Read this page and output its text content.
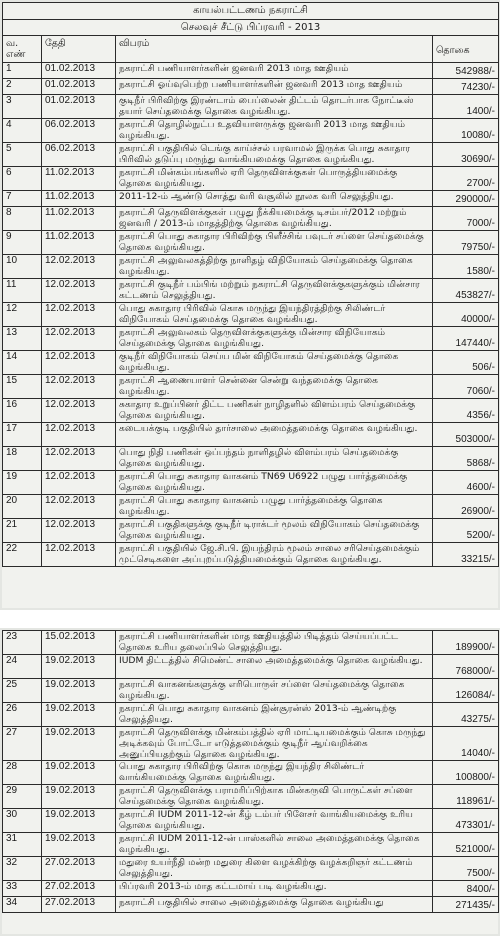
காயல்பட்டணம் நகராட்சி			
செலவுச் சீட்டு பிப்ரவரி - 2013			
வ. எண்	தேதி	விபரம்	தொகை
1	01.02.2013	நகராட்சி பணியாளர்களின் ஜனவரி 2013 மாத ஊதியம்	542988/-
2	01.02.2013	நகராட்சி ஓய்வுபெற்ற பணியாளர்களின் ஜனவரி 2013 மாத ஊதியம்	74230/-
3	01.02.2013	குடிநீர் பிரிவிற்கு இரண்டாம் பைப்லைன் திட்டம் தொடர்பாக நோட்டீஸ் தயார் செய்தமைக்கு தொகை வழங்கியது.	1400/-
4	06.02.2013	நகராட்சி தொழில்நுட்ப உதவியாளருக்கு ஜனவரி 2013 மாத ஊதியம் வழங்கியது.	10080/-
5	06.02.2013	நகராட்சி பகுதியில் டெங்கு காய்ச்சல் பரவாமல் இருக்க பொது சுகாதார பிரிவில் தடுப்பு மருந்து வாங்கியமைக்கு தொகை வழங்கியது.	30690/-
6	11.02.2013	நகராட்சி மின்கம்பங்களில் ஏரி தெருவிளக்குகள் பொருத்தியமைக்கு தொகை வழங்கியது.	2700/-
7	11.02.2013	2011-12-ம் ஆண்டு சொத்து வரி வசூலில் நூலக வரி செலுத்தியது.	290000/-
8	11.02.2013	நகராட்சி தெருவிளக்குகள் பழுது நீக்கியமைக்கு டிசம்பர்/2012 மற்றும் ஜனவரி / 2013-ம் மாதத்திற்கு தொகை வழங்கியது.	7000/-
9	11.02.2013	நகராட்சி பொது சுகாதார பிரிவிற்கு பிளீச்சிங் பவுடர் சப்ளை செய்தமைக்கு தொகை வழங்கியது.	79750/-
10	12.02.2013	நகராட்சி அலுவலகத்திற்கு நாளிதழ் விநியோகம் செய்தமைக்கு தொகை வழங்கியது.	1580/-
11	12.02.2013	நகராட்சி குடிநீர் பம்பிங் மற்றும் நகராட்சி தெருவிளக்குகளுக்கும் மின்சார கட்டணம் செலுத்தியது.	453827/-
12	12.02.2013	பொது சுகாதார பிரிவில் கொசு மருந்து இயந்திரத்திற்கு சிலிண்டர் விநியோகம் செய்தமைக்கு தொகை வழங்கியது.	40000/-
13	12.02.2013	நகராட்சி அலுவலகம் தெருவிளக்குகளுக்கு மின்சார விநியோகம் செய்தமைக்கு தொகை வழங்கியது.	147440/-
14	12.02.2013	குடிநீர் விநியோகம் செய்ய மின் விநியோகம் செய்தமைக்கு தொகை வழங்கியது.	506/-
15	12.02.2013	நகராட்சி ஆணையாளர் சென்னை சென்று வந்தமைக்கு தொகை வழங்கியது.	7060/-
16	12.02.2013	சுகாதார உறுப்பினர் திட்ட பணிகள் நாழிதளில் விளம்பரம் செய்தமைக்கு தொகை வழங்கியது.	4356/-
17	12.02.2013	கடையக்குடி பகுதியில் தார்சாலை அமைத்தமைக்கு தொகை வழங்கியது.	503000/-
18	12.02.2013	பொது நிதி பணிகள் ஒப்பந்தம் நாளிதழில் விளம்பரம் செய்தமைக்கு தொகை வழங்கியது.	5868/-
19	12.02.2013	நகராட்சி பொது சுகாதார வாகனம் TN69 U6922 பழுது பார்த்தமைக்கு தொகை வழங்கியது.	4600/-
20	12.02.2013	நகராட்சி பொது சுகாதார வாகனம் பழுது பார்த்தமைக்கு தொகை வழங்கியது.	26900/-
21	12.02.2013	நகராட்சி பகுதிகளுக்கு குடிநீர் டிராக்டர் மூலம் விநியோகம் செய்தமைக்கு தொகை வழங்கியது.	5200/-
22	12.02.2013	நகராட்சி பகுதியில் ஜே.சி.பி. இயந்திரம் மூலம் சாலை சரிசெய்தமைக்கும் முட்செடிகளை அப்புறப்படுத்தியமைக்கும் தொகை வழங்கியது.	33215/-
23	15.02.2013	நகராட்சி பணியாளர்களின் மாத ஊதியத்தில் பிடித்தம் செய்யப்பட்ட தொகை உரிய தலைப்பில் செலுத்தியது.	189900/-
24	19.02.2013	IUDM திட்டத்தில் சிமெண்ட் சாலை அமைத்தமைக்கு தொகை வழங்கியது.	768000/-
25	19.02.2013	நகராட்சி வாகனங்களுக்கு எரிபொருள் சப்ளை செய்தமைக்கு தொகை வழங்கியது.	126084/-
26	19.02.2013	நகராட்சி பொது சுகாதார வாகனம் இன்சூரன்ஸ் 2013-ம் ஆண்டிற்கு செலுத்தியது.	43275/-
27	19.02.2013	நகராட்சி தெருவிளக்கு மின்கம்பத்தில் ஏரி மாட்டியமைக்கும் கொசு மருந்து அடிக்கவும் போட்டோ எடுத்தமைக்கும் குடிநீர் ஆய்வறிக்கை அனுப்பியதற்கும் தொகை வழங்கியது.	14040/-
28	19.02.2013	பொது சுகாதார பிரிவிற்கு கொசு மருந்து இயந்திர சிலிண்டர் வாங்கியமைக்கு தொகை வழங்கியது.	100800/-
29	19.02.2013	நகராட்சி தெருவிளக்கு பராமரிப்பிற்காக மின்கருவி பொருட்கள் சப்ளை செய்தமைக்கு தொகை வழங்கியது.	118961/-
30	19.02.2013	நகராட்சி IUDM 2011-12-ன் கீழ் டம்பர் பிளேசர் வாங்கியமைக்கு உரிய தொகை வழங்கியது.	473301/-
31	19.02.2013	நகராட்சி IUDM 2011-12-ன் பாஸ்களில் சாலை அமைத்தமைக்கு தொகை வழங்கியது.	521000/-
32	27.02.2013	மதுரை உயர்நீதி மன்ற மதுரை கிளை வழக்கிற்கு வழக்கறிஞர் கட்டணம் செலுத்தியது.	7500/-
33	27.02.2013	பிப்ரவரி 2013-ம் மாத கட்டமாய் படி வழங்கியது.	8400/-
34	27.02.2013	நகராட்சி பகுதியில் சாலை அமைத்தமைக்கு தொகை வழங்கியது	271435/-
